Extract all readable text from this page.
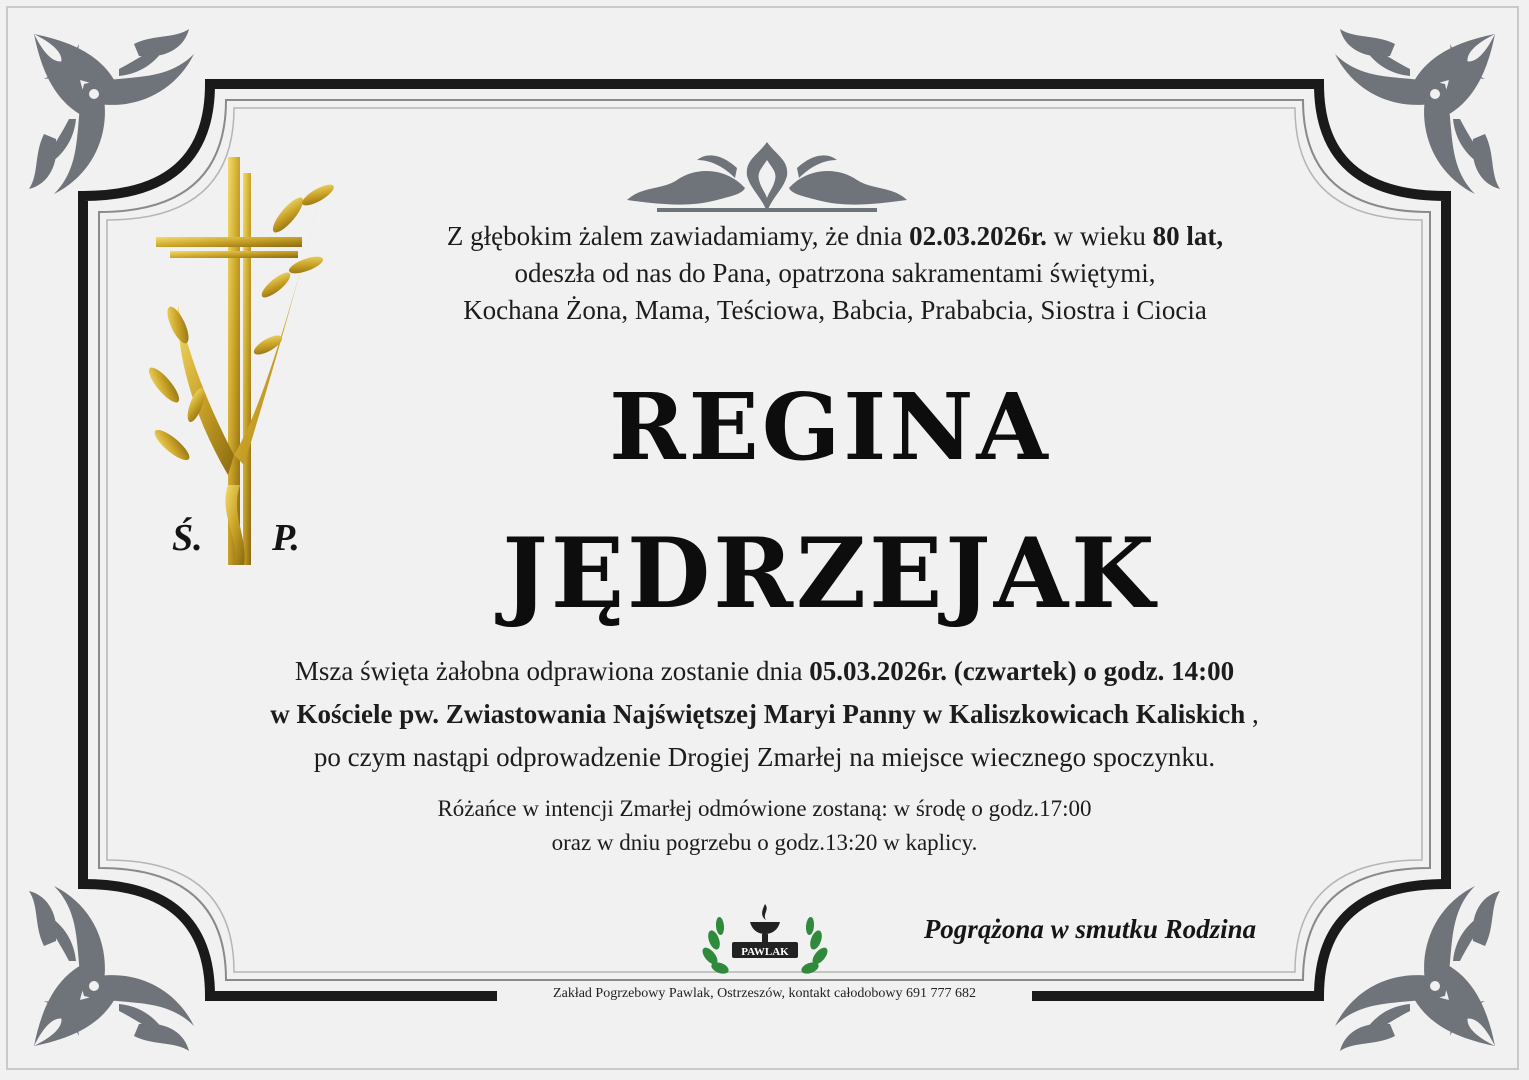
Ś. P.
Z głębokim żalem zawiadamiamy, że dnia 02.03.2026r. w wieku 80 lat,
odeszła od nas do Pana, opatrzona sakramentami świętymi,
Kochana Żona, Mama, Teściowa, Babcia, Prababcia, Siostra i Ciocia
REGINA
JĘDRZEJAK
Msza święta żałobna odprawiona zostanie dnia 05.03.2026r. (czwartek) o godz. 14:00
w Kościele pw. Zwiastowania Najświętszej Maryi Panny w Kaliszkowicach Kaliskich ,
po czym nastąpi odprowadzenie Drogiej Zmarłej na miejsce wiecznego spoczynku.
Różańce w intencji Zmarłej odmówione zostaną: w środę o godz.17:00
oraz w dniu pogrzebu o godz.13:20 w kaplicy.
PAWLAK
Pogrążona w smutku Rodzina
Zakład Pogrzebowy Pawlak, Ostrzeszów, kontakt całodobowy 691 777 682
